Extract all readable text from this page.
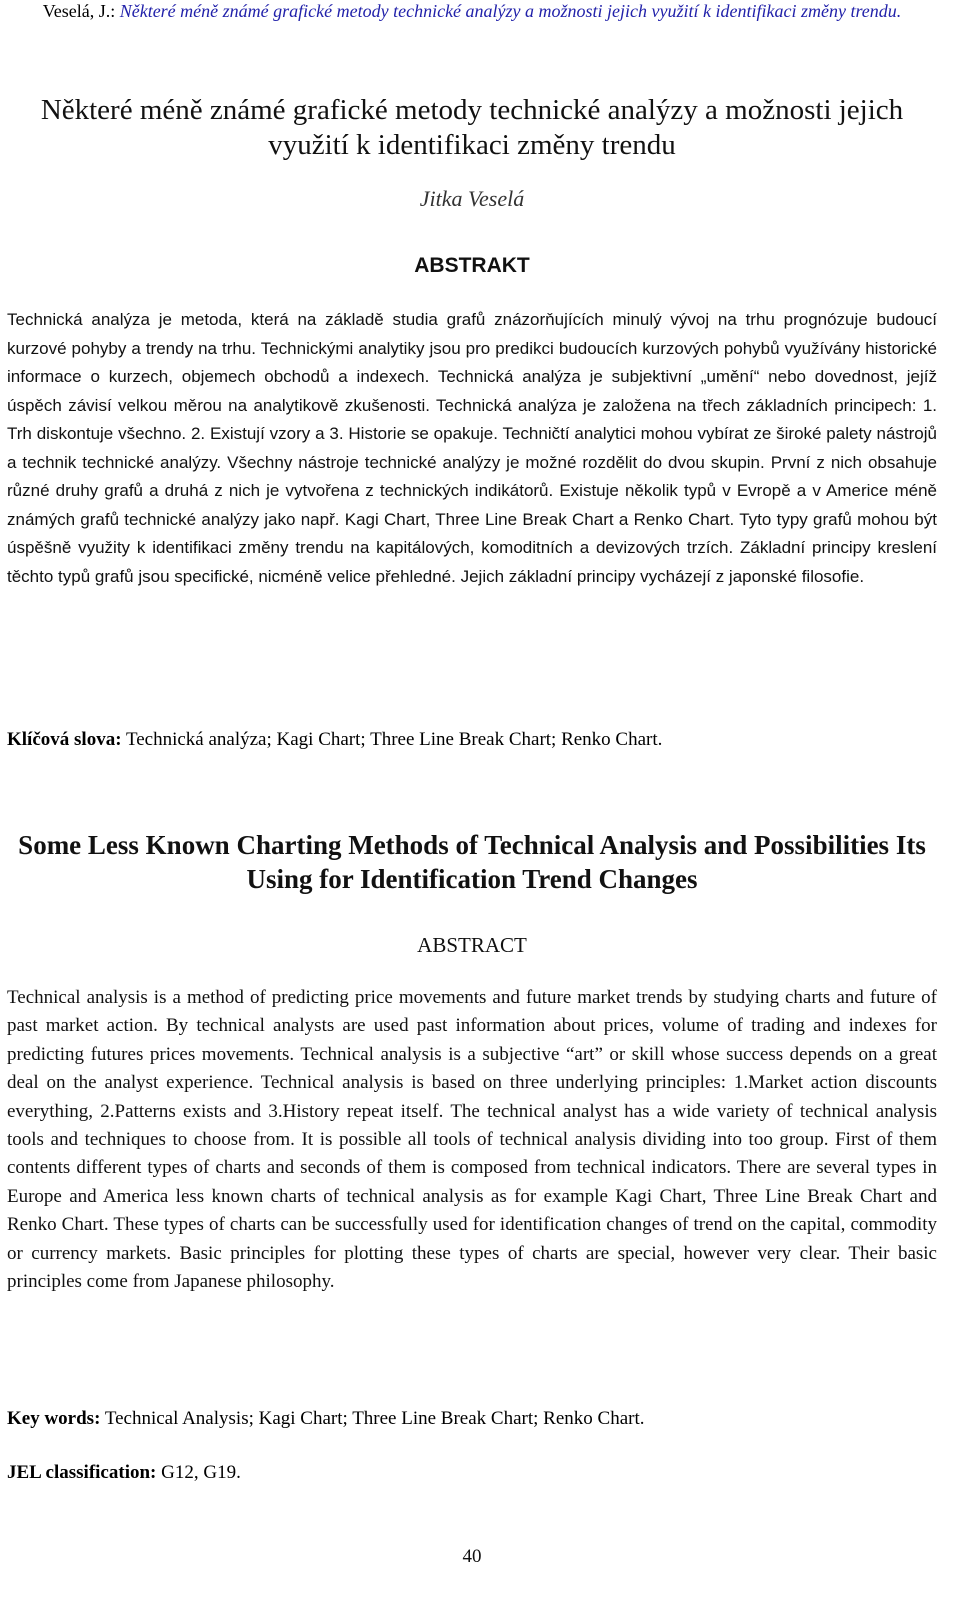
Veselá, J.: Některé méně známé grafické metody technické analýzy a možnosti jejich využití k identifikaci změny trendu.
Některé méně známé grafické metody technické analýzy a možnosti jejich využití k identifikaci změny trendu
Jitka Veselá
ABSTRAKT

Technická analýza je metoda, která na základě studia grafů znázorňujících minulý vývoj na trhu prognózuje budoucí kurzové pohyby a trendy na trhu. Technickými analytiky jsou pro predikci budoucích kurzových pohybů využívány historické informace o kurzech, objemech obchodů a indexech. Technická analýza je subjektivní „umění“ nebo dovednost, jejíž úspěch závisí velkou měrou na analytikově zkušenosti. Technická analýza je založena na třech základních principech: 1. Trh diskontuje všechno. 2. Existují vzory a 3. Historie se opakuje. Techničtí analytici mohou vybírat ze široké palety nástrojů a technik technické analýzy. Všechny nástroje technické analýzy je možné rozdělit do dvou skupin. První z nich obsahuje různé druhy grafů a druhá z nich je vytvořena z technických indikátorů. Existuje několik typů v Evropě a v Americe méně známých grafů technické analýzy jako např. Kagi Chart, Three Line Break Chart a Renko Chart. Tyto typy grafů mohou být úspěšně využity k identifikaci změny trendu na kapitálových, komoditních a devizových trzích. Základní principy kreslení těchto typů grafů jsou specifické, nicméně velice přehledné. Jejich základní principy vycházejí z japonské filosofie.

Klíčová slova: Technická analýza; Kagi Chart; Three Line Break Chart; Renko Chart.
Some Less Known Charting Methods of Technical Analysis and Possibilities Its Using for Identification Trend Changes
ABSTRACT

Technical analysis is a method of predicting price movements and future market trends by studying charts and future of past market action. By technical analysts are used past information about prices, volume of trading and indexes for predicting futures prices movements. Technical analysis is a subjective “art” or skill whose success depends on a great deal on the analyst experience. Technical analysis is based on three underlying principles: 1.Market action discounts everything, 2.Patterns exists and 3.History repeat itself. The technical analyst has a wide variety of technical analysis tools and techniques to choose from. It is possible all tools of technical analysis dividing into too group. First of them contents different types of charts and seconds of them is composed from technical indicators. There are several types in Europe and America less known charts of technical analysis as for example Kagi Chart, Three Line Break Chart and Renko Chart. These types of charts can be successfully used for identification changes of trend on the capital, commodity or currency markets. Basic principles for plotting these types of charts are special, however very clear. Their basic principles come from Japanese philosophy.

Key words: Technical Analysis; Kagi Chart; Three Line Break Chart; Renko Chart.
JEL classification: G12, G19.
40
